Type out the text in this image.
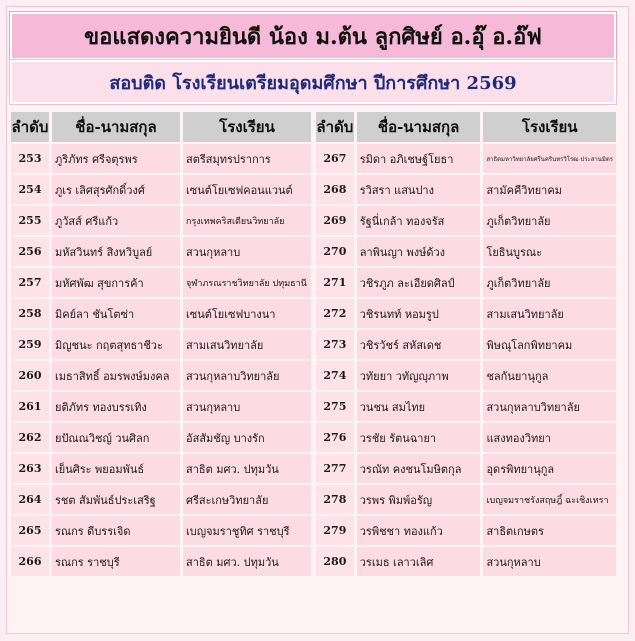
ขอแสดงความยินดี น้อง ม.ต้น ลูกศิษย์ อ.อุ๊ อ.อ๊ฟ
สอบติด โรงเรียนเตรียมอุดมศึกษา ปีการศึกษา 2569
ลำดับ	ชื่อ-นามสกุล	โรงเรียน
253	ภูริภัทร ศรีจตุรพร	สตรีสมุทรปราการ
254	ภูเร เลิศสุรศักดิ์วงศ์	เซนต์โยเซฟคอนแวนต์
255	ภูวัสส์ ศรีแก้ว	กรุงเทพคริสเตียนวิทยาลัย
256	มหัสวินทร์ สิงหวิบูลย์	สวนกุหลาบ
257	มหัศพัฒ สุขการค้า	จุฬาภรณราชวิทยาลัย ปทุมธานี
258	มิคย์ลา ชันโตซ่า	เซนต์โยเซฟบางนา
259	มิญชนะ กฤตสุทธาชีวะ	สามเสนวิทยาลัย
260	เมธาสิทธิ์ อมรพงษ์มงคล	สวนกุหลาบวิทยาลัย
261	ยติภัทร ทองบรรเทิง	สวนกุหลาบ
262	ยปัณณวิชญ์ วนศิลก	อัสสัมชัญ บางรัก
263	เย็นศิระ พยอมพันธ์	สาธิต มศว. ปทุมวัน
264	รชต สัมพันธ์ประเสริฐ	ศรีสะเกษวิทยาลัย
265	รณกร ดีบรรเจิด	เบญจมราชูทิศ ราชบุรี
266	รณกร ราชบุรี	สาธิต มศว. ปทุมวัน
ลำดับ	ชื่อ-นามสกุล	โรงเรียน
267	รมิดา อภิเชษฐ์โยธา	สาธิตมหาวิทยาลัยศรีนครินทรวิโรฒ ประสานมิตร
268	รวิสรา แสนปาง	สามัคคีวิทยาคม
269	รัฐนี่เกล้า ทองจรัส	ภูเก็ตวิทยาลัย
270	ลาพินญา พงษ์ด้วง	โยธินบูรณะ
271	วชิรภูภ ละเอียดศิลป์	ภูเก็ตวิทยาลัย
272	วชิรนทท์ หอมรูป	สามเสนวิทยาลัย
273	วชิรวัชร์ สหัสเดช	พิษณุโลกพิทยาคม
274	วทัยยา วทัญญุภาพ	ชลกันยานุกูล
275	วนชน สมไทย	สวนกุหลาบวิทยาลัย
276	วรชัย รัตนฉายา	แสงทองวิทยา
277	วรณัท คงชนโมษิตกุล	อุดรพิทยานุกูล
278	วรพร พิมพ์อรัญ	เบญจมราชรังสฤษฎิ์ ฉะเชิงเทรา
279	วรพิชชา ทองแก้ว	สาธิตเกษตร
280	วรเมธ เลาวเลิศ	สวนกุหลาบ
